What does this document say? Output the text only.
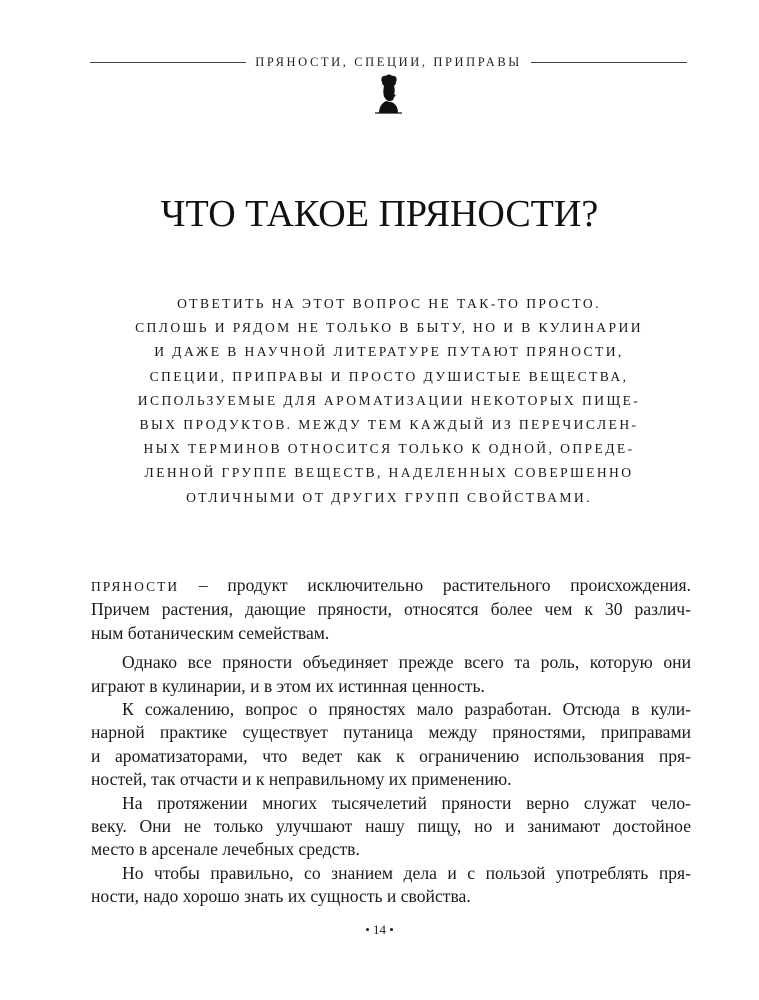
ПРЯНОСТИ, СПЕЦИИ, ПРИПРАВЫ
ЧТО ТАКОЕ ПРЯНОСТИ?
ОТВЕТИТЬ НА ЭТОТ ВОПРОС НЕ ТАК-ТО ПРОСТО.
СПЛОШЬ И РЯДОМ НЕ ТОЛЬКО В БЫТУ, НО И В КУЛИНАРИИ
И ДАЖЕ В НАУЧНОЙ ЛИТЕРАТУРЕ ПУТАЮТ ПРЯНОСТИ,
СПЕЦИИ, ПРИПРАВЫ И ПРОСТО ДУШИСТЫЕ ВЕЩЕСТВА,
ИСПОЛЬЗУЕМЫЕ ДЛЯ АРОМАТИЗАЦИИ НЕКОТОРЫХ ПИЩЕ-
ВЫХ ПРОДУКТОВ. МЕЖДУ ТЕМ КАЖДЫЙ ИЗ ПЕРЕЧИСЛЕН-
НЫХ ТЕРМИНОВ ОТНОСИТСЯ ТОЛЬКО К ОДНОЙ, ОПРЕДЕ-
ЛЕННОЙ ГРУППЕ ВЕЩЕСТВ, НАДЕЛЕННЫХ СОВЕРШЕННО
ОТЛИЧНЫМИ ОТ ДРУГИХ ГРУПП СВОЙСТВАМИ.
ПРЯНОСТИ – продукт исключительно растительного происхождения.
Причем растения, дающие пряности, относятся более чем к 30 различ-
ным ботаническим семействам.
Однако все пряности объединяет прежде всего та роль, которую они
играют в кулинарии, и в этом их истинная ценность.
К сожалению, вопрос о пряностях мало разработан. Отсюда в кули-
нарной практике существует путаница между пряностями, приправами
и ароматизаторами, что ведет как к ограничению использования пря-
ностей, так отчасти и к неправильному их применению.
На протяжении многих тысячелетий пряности верно служат чело-
веку. Они не только улучшают нашу пищу, но и занимают достойное
место в арсенале лечебных средств.
Но чтобы правильно, со знанием дела и с пользой употреблять пря-
ности, надо хорошо знать их сущность и свойства.
• 14 •
